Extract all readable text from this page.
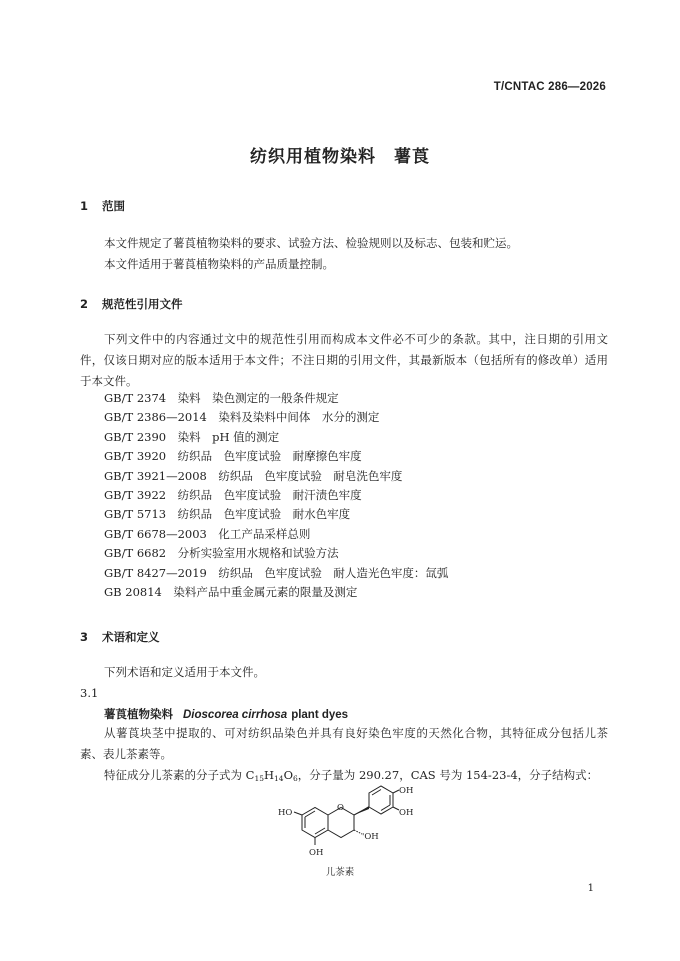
T/CNTAC 286—2026
纺织用植物染料　薯莨
1 范围
本文件规定了薯莨植物染料的要求、试验方法、检验规则以及标志、包装和贮运。
本文件适用于薯莨植物染料的产品质量控制。
2 规范性引用文件
下列文件中的内容通过文中的规范性引用而构成本文件必不可少的条款。其中，注日期的引用文件，仅该日期对应的版本适用于本文件；不注日期的引用文件，其最新版本（包括所有的修改单）适用于本文件。
GB/T 2374　染料　染色测定的一般条件规定
GB/T 2386—2014　染料及染料中间体　水分的测定
GB/T 2390　染料　pH 值的测定
GB/T 3920　纺织品　色牢度试验　耐摩擦色牢度
GB/T 3921—2008　纺织品　色牢度试验　耐皂洗色牢度
GB/T 3922　纺织品　色牢度试验　耐汗渍色牢度
GB/T 5713　纺织品　色牢度试验　耐水色牢度
GB/T 6678—2003　化工产品采样总则
GB/T 6682　分析实验室用水规格和试验方法
GB/T 8427—2019　纺织品　色牢度试验　耐人造光色牢度：氙弧
GB 20814　染料产品中重金属元素的限量及测定
3 术语和定义
下列术语和定义适用于本文件。
3.1
薯莨植物染料 Dioscorea cirrhosa plant dyes
从薯莨块茎中提取的、可对纺织品染色并具有良好染色牢度的天然化合物，其特征成分包括儿茶素、表儿茶素等。
特征成分儿茶素的分子式为 $C_{15}H_{14}O_6$，分子量为 290.27，CAS 号为 154-23-4，分子结构式：
O
HO
OH
'OH
OH
OH
儿茶素
1
